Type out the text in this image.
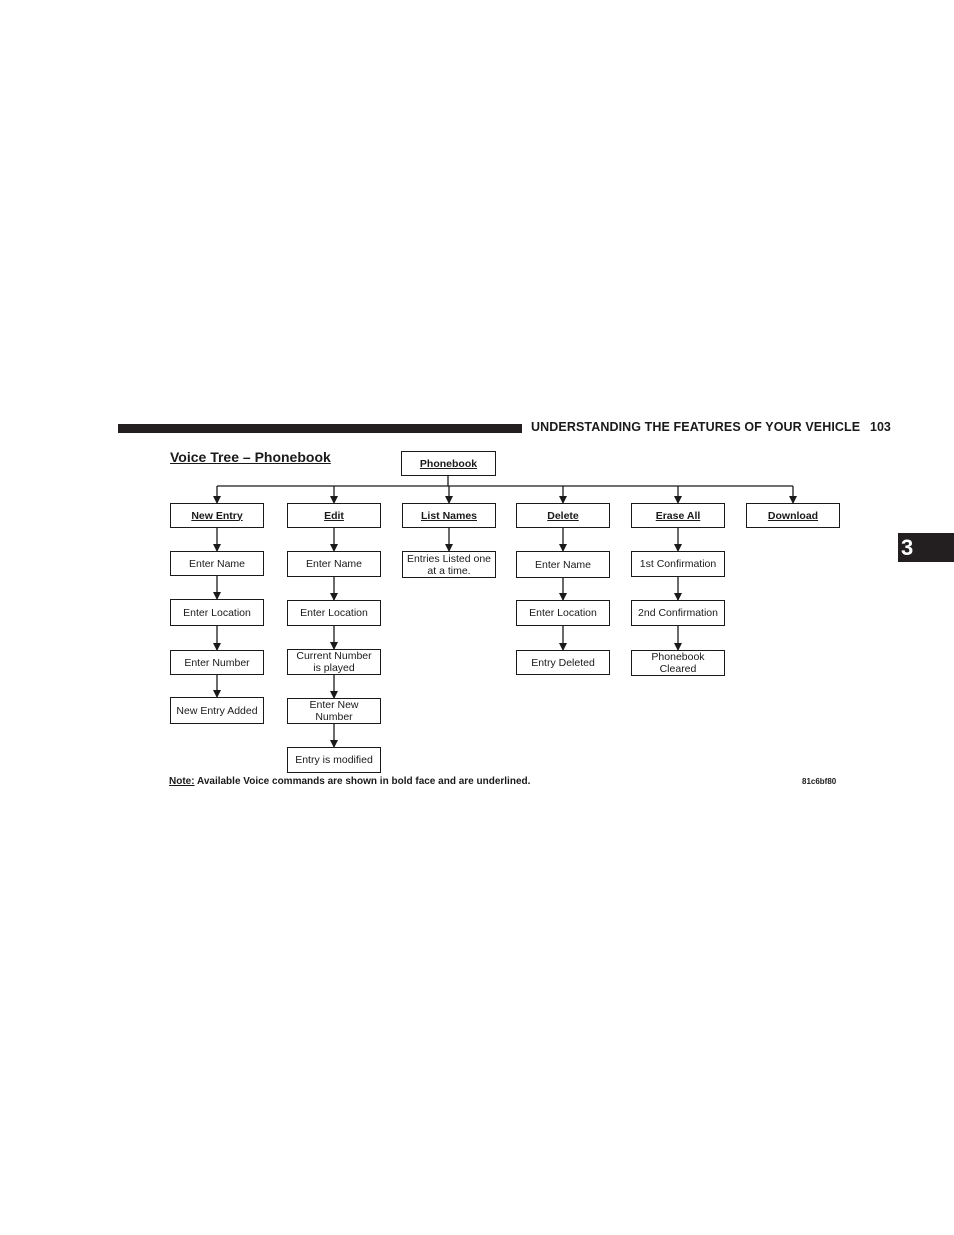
UNDERSTANDING THE FEATURES OF YOUR VEHICLE 103
3
Voice Tree – Phonebook	Phonebook
New Entry
Enter Name
Enter Location
Enter Number
New Entry Added
Edit
Enter Name
Enter Location
Current Number
is played
Enter New
Number
Entry is modified
List Names
Entries Listed one
at a time.
Delete
Enter Name
Enter Location
Entry Deleted
Erase All
1st Confirmation
2nd Confirmation
Phonebook
Cleared
Download
Note: Available Voice commands are shown in bold face and are underlined.	81c6bf80
